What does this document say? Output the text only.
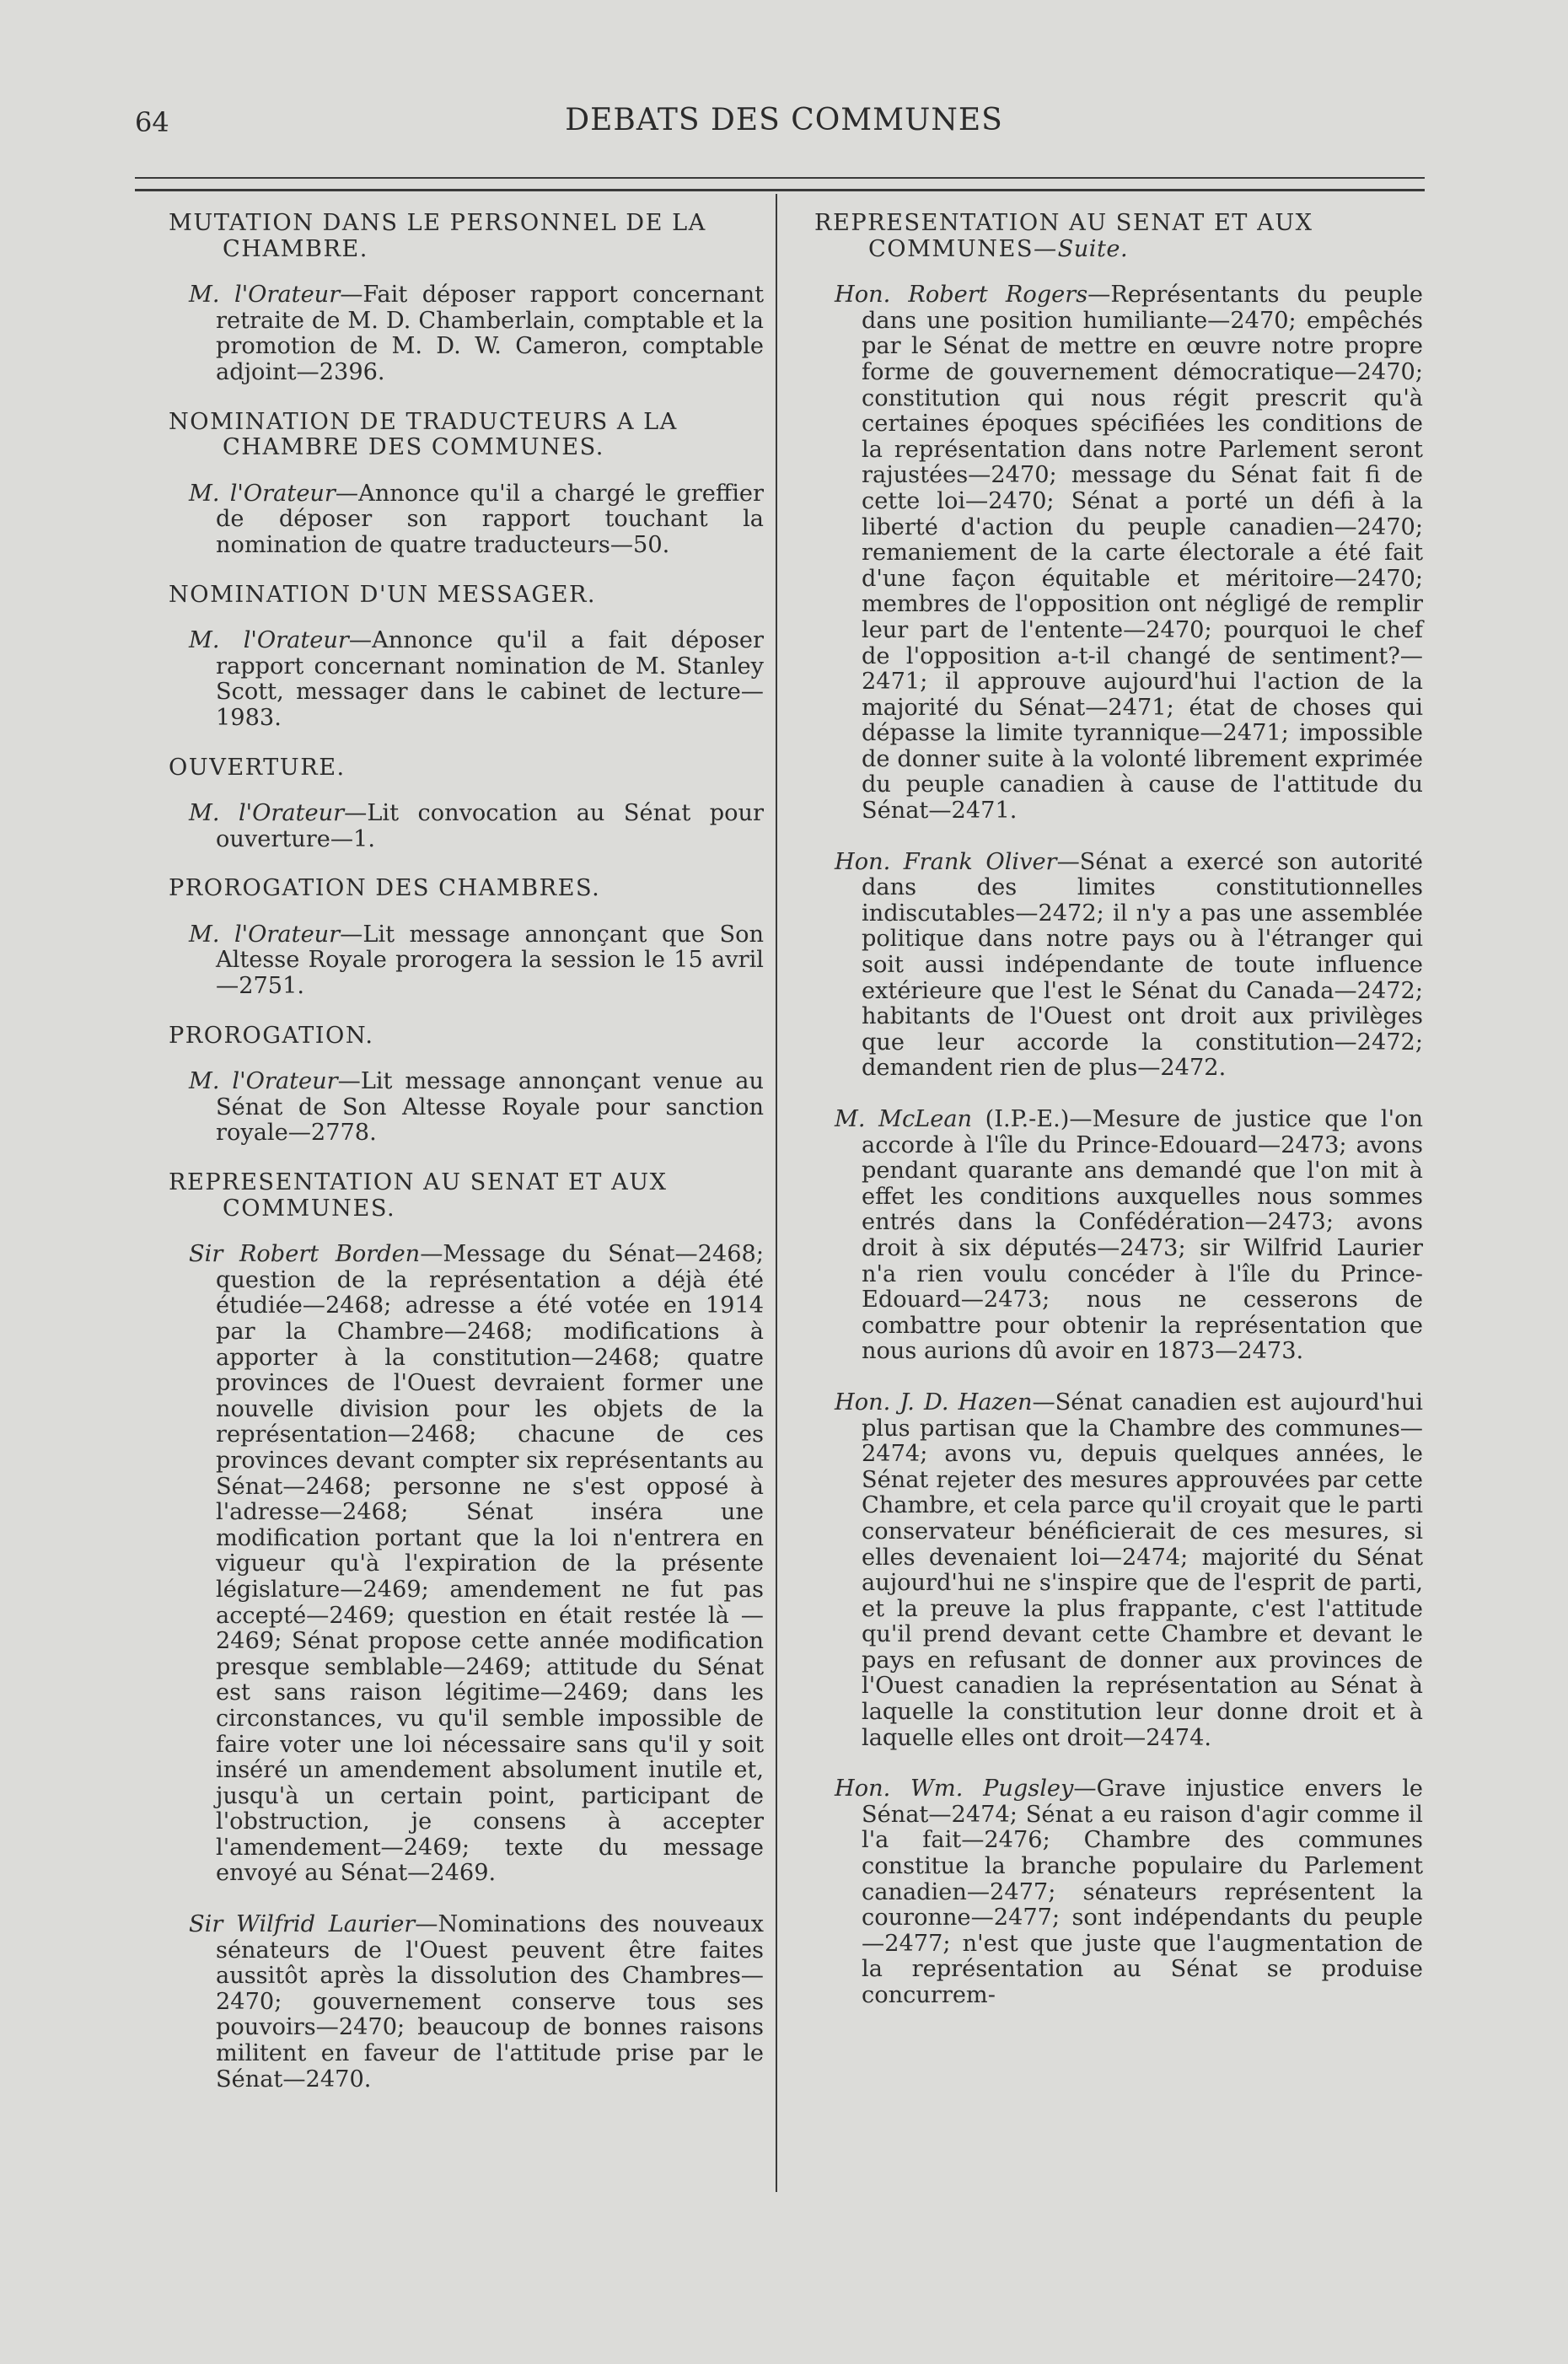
64	DEBATS DES COMMUNES
MUTATION DANS LE PERSONNEL DE LA CHAMBRE.
M. l'Orateur—Fait déposer rapport concernant retraite de M. D. Chamberlain, comptable et la promotion de M. D. W. Cameron, comptable adjoint—2396.
NOMINATION DE TRADUCTEURS A LA CHAMBRE DES COMMUNES.
M. l'Orateur—Annonce qu'il a chargé le greffier de déposer son rapport touchant la nomination de quatre traducteurs—50.
NOMINATION D'UN MESSAGER.
M. l'Orateur—Annonce qu'il a fait déposer rapport concernant nomination de M. Stanley Scott, messager dans le cabinet de lecture—1983.
OUVERTURE.
M. l'Orateur—Lit convocation au Sénat pour ouverture—1.
PROROGATION DES CHAMBRES.
M. l'Orateur—Lit message annonçant que Son Altesse Royale prorogera la session le 15 avril—2751.
PROROGATION.
M. l'Orateur—Lit message annonçant venue au Sénat de Son Altesse Royale pour sanction royale—2778.
REPRESENTATION AU SENAT ET AUX COMMUNES.
Sir Robert Borden—Message du Sénat—2468; question de la représentation a déjà été étudiée—2468; adresse a été votée en 1914 par la Chambre—2468; modifications à apporter à la constitution—2468; quatre provinces de l'Ouest devraient former une nouvelle division pour les objets de la représentation—2468; chacune de ces provinces devant compter six représentants au Sénat—2468; personne ne s'est opposé à l'adresse—2468; Sénat inséra une modification portant que la loi n'entrera en vigueur qu'à l'expiration de la présente législature—2469; amendement ne fut pas accepté—2469; question en était restée là —2469; Sénat propose cette année modification presque semblable—2469; attitude du Sénat est sans raison légitime—2469; dans les circonstances, vu qu'il semble impossible de faire voter une loi nécessaire sans qu'il y soit inséré un amendement absolument inutile et, jusqu'à un certain point, participant de l'obstruction, je consens à accepter l'amendement—2469; texte du message envoyé au Sénat—2469.
Sir Wilfrid Laurier—Nominations des nouveaux sénateurs de l'Ouest peuvent être faites aussitôt après la dissolution des Chambres—2470; gouvernement conserve tous ses pouvoirs—2470; beaucoup de bonnes raisons militent en faveur de l'attitude prise par le Sénat—2470.
REPRESENTATION AU SENAT ET AUX COMMUNES—Suite.
Hon. Robert Rogers—Représentants du peuple dans une position humiliante—2470; empêchés par le Sénat de mettre en œuvre notre propre forme de gouvernement démocratique—2470; constitution qui nous régit prescrit qu'à certaines époques spécifiées les conditions de la représentation dans notre Parlement seront rajustées—2470; message du Sénat fait fi de cette loi—2470; Sénat a porté un défi à la liberté d'action du peuple canadien—2470; remaniement de la carte électorale a été fait d'une façon équitable et méritoire—2470; membres de l'opposition ont négligé de remplir leur part de l'entente—2470; pourquoi le chef de l'opposition a-t-il changé de sentiment?—2471; il approuve aujourd'hui l'action de la majorité du Sénat—2471; état de choses qui dépasse la limite tyrannique—2471; impossible de donner suite à la volonté librement exprimée du peuple canadien à cause de l'attitude du Sénat—2471.
Hon. Frank Oliver—Sénat a exercé son autorité dans des limites constitutionnelles indiscutables—2472; il n'y a pas une assemblée politique dans notre pays ou à l'étranger qui soit aussi indépendante de toute influence extérieure que l'est le Sénat du Canada—2472; habitants de l'Ouest ont droit aux privilèges que leur accorde la constitution—2472; demandent rien de plus—2472.
M. McLean (I.P.-E.)—Mesure de justice que l'on accorde à l'île du Prince-Edouard—2473; avons pendant quarante ans demandé que l'on mit à effet les conditions auxquelles nous sommes entrés dans la Confédération—2473; avons droit à six députés—2473; sir Wilfrid Laurier n'a rien voulu concéder à l'île du Prince-Edouard—2473; nous ne cesserons de combattre pour obtenir la représentation que nous aurions dû avoir en 1873—2473.
Hon. J. D. Hazen—Sénat canadien est aujourd'hui plus partisan que la Chambre des communes—2474; avons vu, depuis quelques années, le Sénat rejeter des mesures approuvées par cette Chambre, et cela parce qu'il croyait que le parti conservateur bénéficierait de ces mesures, si elles devenaient loi—2474; majorité du Sénat aujourd'hui ne s'inspire que de l'esprit de parti, et la preuve la plus frappante, c'est l'attitude qu'il prend devant cette Chambre et devant le pays en refusant de donner aux provinces de l'Ouest canadien la représentation au Sénat à laquelle la constitution leur donne droit et à laquelle elles ont droit—2474.
Hon. Wm. Pugsley—Grave injustice envers le Sénat—2474; Sénat a eu raison d'agir comme il l'a fait—2476; Chambre des communes constitue la branche populaire du Parlement canadien—2477; sénateurs représentent la couronne—2477; sont indépendants du peuple—2477; n'est que juste que l'augmentation de la représentation au Sénat se produise concurrem-
